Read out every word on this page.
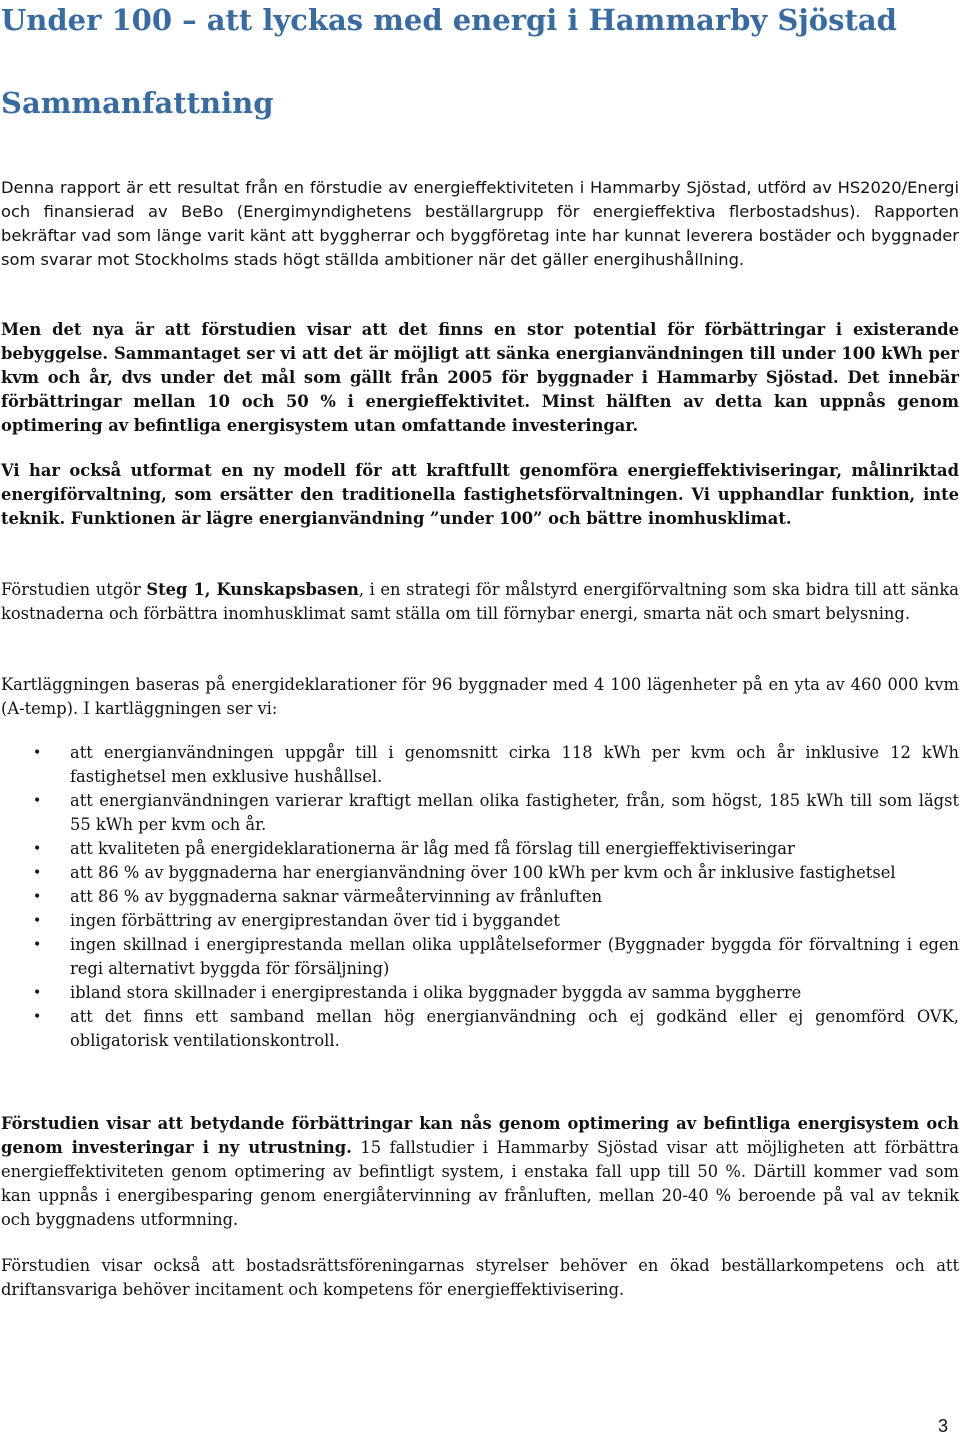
Under 100 – att lyckas med energi i Hammarby Sjöstad
Sammanfattning

Denna rapport är ett resultat från en förstudie av energieffektiviteten i Hammarby Sjöstad, utförd av HS2020/Energi och finansierad av BeBo (Energimyndighetens beställargrupp för energieffektiva flerbostadshus). Rapporten bekräftar vad som länge varit känt att byggherrar och byggföretag inte har kunnat leverera bostäder och byggnader som svarar mot Stockholms stads högt ställda ambitioner när det gäller energihushållning.

Men det nya är att förstudien visar att det finns en stor potential för förbättringar i existerande bebyggelse. Sammantaget ser vi att det är möjligt att sänka energianvändningen till under 100 kWh per kvm och år, dvs under det mål som gällt från 2005 för byggnader i Hammarby Sjöstad. Det innebär förbättringar mellan 10 och 50 % i energieffektivitet. Minst hälften av detta kan uppnås genom optimering av befintliga energisystem utan omfattande investeringar.

Vi har också utformat en ny modell för att kraftfullt genomföra energieffektiviseringar, målinriktad energiförvaltning, som ersätter den traditionella fastighetsförvaltningen. Vi upphandlar funktion, inte teknik. Funktionen är lägre energianvändning ”under 100” och bättre inomhusklimat.

Förstudien utgör Steg 1, Kunskapsbasen, i en strategi för målstyrd energiförvaltning som ska bidra till att sänka kostnaderna och förbättra inomhusklimat samt ställa om till förnybar energi, smarta nät och smart belysning.

Kartläggningen baseras på energideklarationer för 96 byggnader med 4 100 lägenheter på en yta av 460 000 kvm (A-temp). I kartläggningen ser vi:

• att energianvändningen uppgår till i genomsnitt cirka 118 kWh per kvm och år inklusive 12 kWh fastighetsel men exklusive hushållsel.
• att energianvändningen varierar kraftigt mellan olika fastigheter, från, som högst, 185 kWh till som lägst 55 kWh per kvm och år.
• att kvaliteten på energideklarationerna är låg med få förslag till energieffektiviseringar
• att 86 % av byggnaderna har energianvändning över 100 kWh per kvm och år inklusive fastighetsel
• att 86 % av byggnaderna saknar värmeåtervinning av frånluften
• ingen förbättring av energiprestandan över tid i byggandet
• ingen skillnad i energiprestanda mellan olika upplåtelseformer (Byggnader byggda för förvaltning i egen regi alternativt byggda för försäljning)
• ibland stora skillnader i energiprestanda i olika byggnader byggda av samma byggherre
• att det finns ett samband mellan hög energianvändning och ej godkänd eller ej genomförd OVK, obligatorisk ventilationskontroll.

Förstudien visar att betydande förbättringar kan nås genom optimering av befintliga energisystem och genom investeringar i ny utrustning. 15 fallstudier i Hammarby Sjöstad visar att möjligheten att förbättra energieffektiviteten genom optimering av befintligt system, i enstaka fall upp till 50 %. Därtill kommer vad som kan uppnås i energibesparing genom energiåtervinning av frånluften, mellan 20-40 % beroende på val av teknik och byggnadens utformning.

Förstudien visar också att bostadsrättsföreningarnas styrelser behöver en ökad beställarkompetens och att driftansvariga behöver incitament och kompetens för energieffektivisering.

3
